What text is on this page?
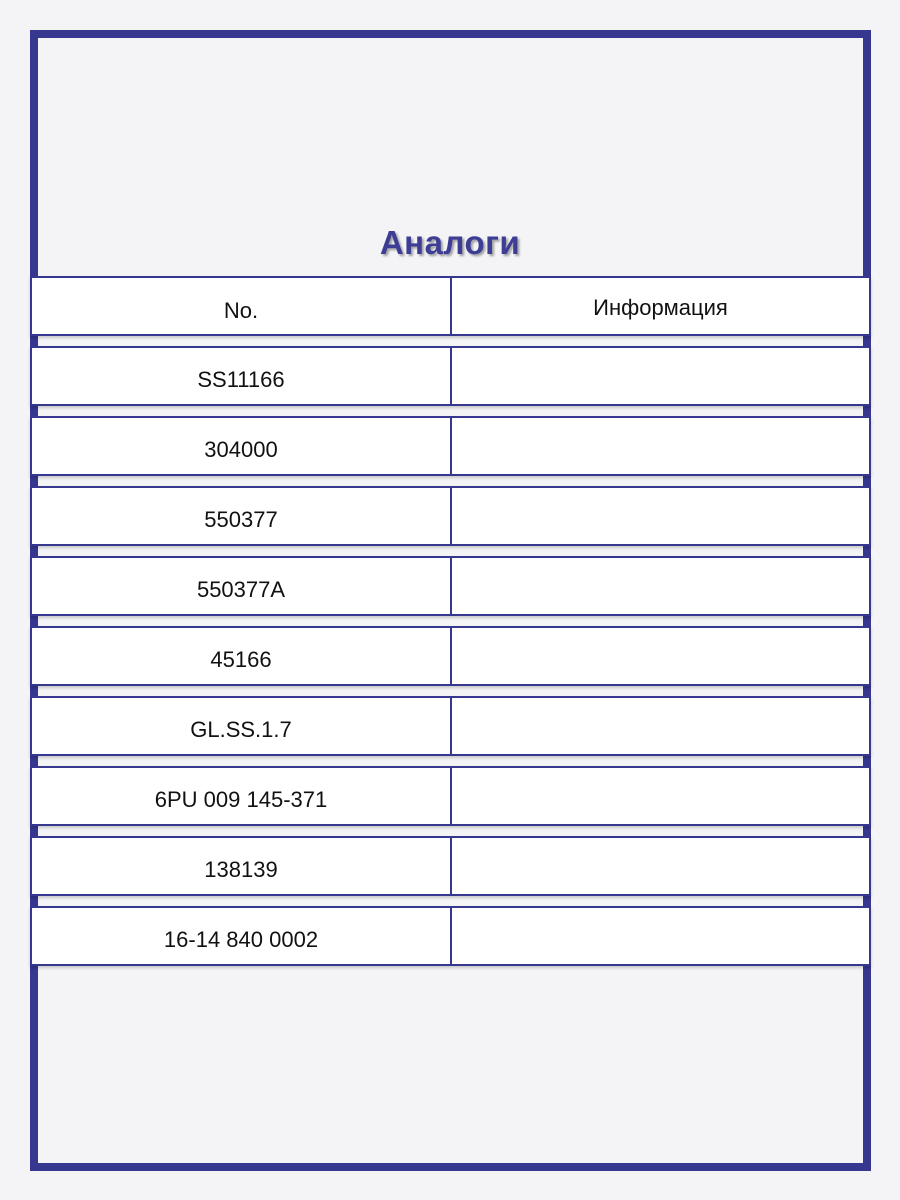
Аналоги
No.	Информация
SS11166
304000
550377
550377A
45166
GL.SS.1.7
6PU 009 145-371
138139
16-14 840 0002
